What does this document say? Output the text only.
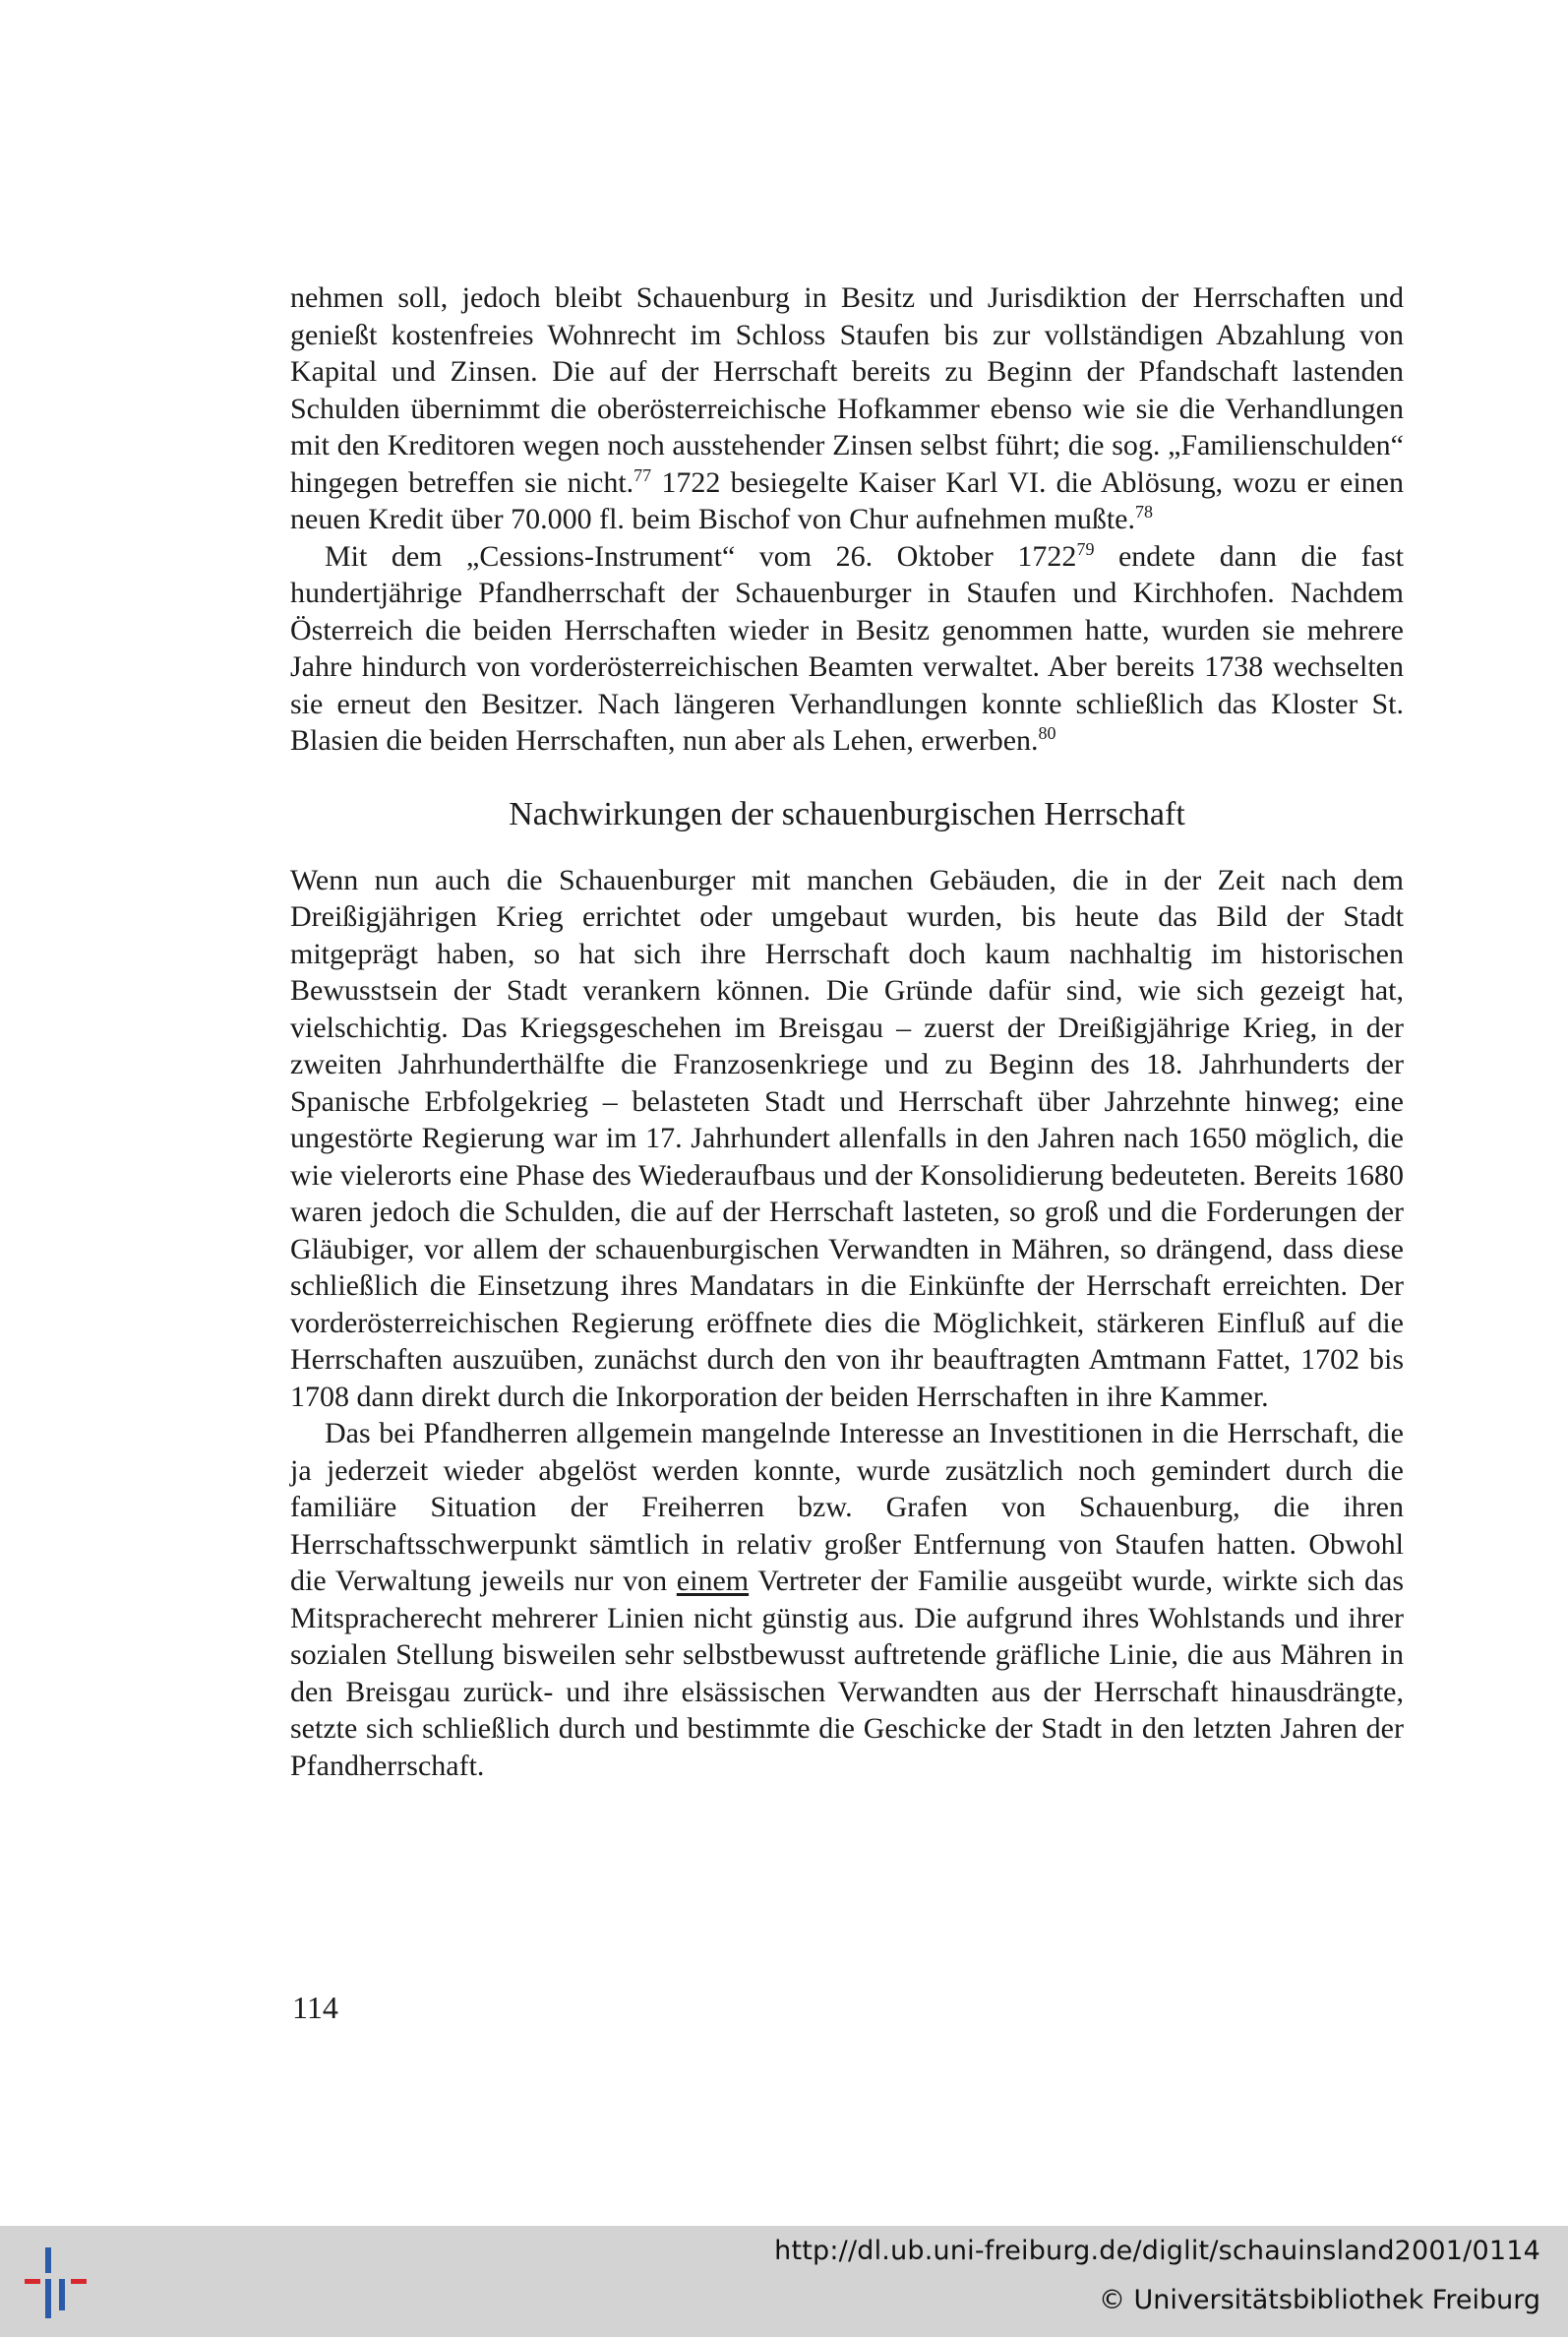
nehmen soll, jedoch bleibt Schauenburg in Besitz und Jurisdiktion der Herrschaften und genießt kostenfreies Wohnrecht im Schloss Staufen bis zur vollständigen Abzahlung von Kapital und Zinsen. Die auf der Herrschaft bereits zu Beginn der Pfandschaft lastenden Schulden übernimmt die oberösterreichische Hofkammer ebenso wie sie die Verhandlungen mit den Kreditoren wegen noch ausstehender Zinsen selbst führt; die sog. „Familienschulden“ hingegen betreffen sie nicht.$^{77}$ 1722 besiegelte Kaiser Karl VI. die Ablösung, wozu er einen neuen Kredit über 70.000 fl. beim Bischof von Chur aufnehmen mußte.$^{78}$

Mit dem „Cessions-Instrument“ vom 26. Oktober 1722$^{79}$ endete dann die fast hundertjährige Pfandherrschaft der Schauenburger in Staufen und Kirchhofen. Nachdem Österreich die beiden Herrschaften wieder in Besitz genommen hatte, wurden sie mehrere Jahre hindurch von vorderösterreichischen Beamten verwaltet. Aber bereits 1738 wechselten sie erneut den Besitzer. Nach längeren Verhandlungen konnte schließlich das Kloster St. Blasien die beiden Herrschaften, nun aber als Lehen, erwerben.$^{80}$

Nachwirkungen der schauenburgischen Herrschaft

Wenn nun auch die Schauenburger mit manchen Gebäuden, die in der Zeit nach dem Dreißigjährigen Krieg errichtet oder umgebaut wurden, bis heute das Bild der Stadt mitgeprägt haben, so hat sich ihre Herrschaft doch kaum nachhaltig im historischen Bewusstsein der Stadt verankern können. Die Gründe dafür sind, wie sich gezeigt hat, vielschichtig. Das Kriegsgeschehen im Breisgau – zuerst der Dreißigjährige Krieg, in der zweiten Jahrhunderthälfte die Franzosenkriege und zu Beginn des 18. Jahrhunderts der Spanische Erbfolgekrieg – belasteten Stadt und Herrschaft über Jahrzehnte hinweg; eine ungestörte Regierung war im 17. Jahrhundert allenfalls in den Jahren nach 1650 möglich, die wie vielerorts eine Phase des Wiederaufbaus und der Konsolidierung bedeuteten. Bereits 1680 waren jedoch die Schulden, die auf der Herrschaft lasteten, so groß und die Forderungen der Gläubiger, vor allem der schauenburgischen Verwandten in Mähren, so drängend, dass diese schließlich die Einsetzung ihres Mandatars in die Einkünfte der Herrschaft erreichten. Der vorderösterreichischen Regierung eröffnete dies die Möglichkeit, stärkeren Einfluß auf die Herrschaften auszuüben, zunächst durch den von ihr beauftragten Amtmann Fattet, 1702 bis 1708 dann direkt durch die Inkorporation der beiden Herrschaften in ihre Kammer.

Das bei Pfandherren allgemein mangelnde Interesse an Investitionen in die Herrschaft, die ja jederzeit wieder abgelöst werden konnte, wurde zusätzlich noch gemindert durch die familiäre Situation der Freiherren bzw. Grafen von Schauenburg, die ihren Herrschaftsschwerpunkt sämtlich in relativ großer Entfernung von Staufen hatten. Obwohl die Verwaltung jeweils nur von einem Vertreter der Familie ausgeübt wurde, wirkte sich das Mitspracherecht mehrerer Linien nicht günstig aus. Die aufgrund ihres Wohlstands und ihrer sozialen Stellung bisweilen sehr selbstbewusst auftretende gräfliche Linie, die aus Mähren in den Breisgau zurück- und ihre elsässischen Verwandten aus der Herrschaft hinausdrängte, setzte sich schließlich durch und bestimmte die Geschicke der Stadt in den letzten Jahren der Pfandherrschaft.

114
http://dl.ub.uni-freiburg.de/diglit/schauinsland2001/0114
© Universitätsbibliothek Freiburg
